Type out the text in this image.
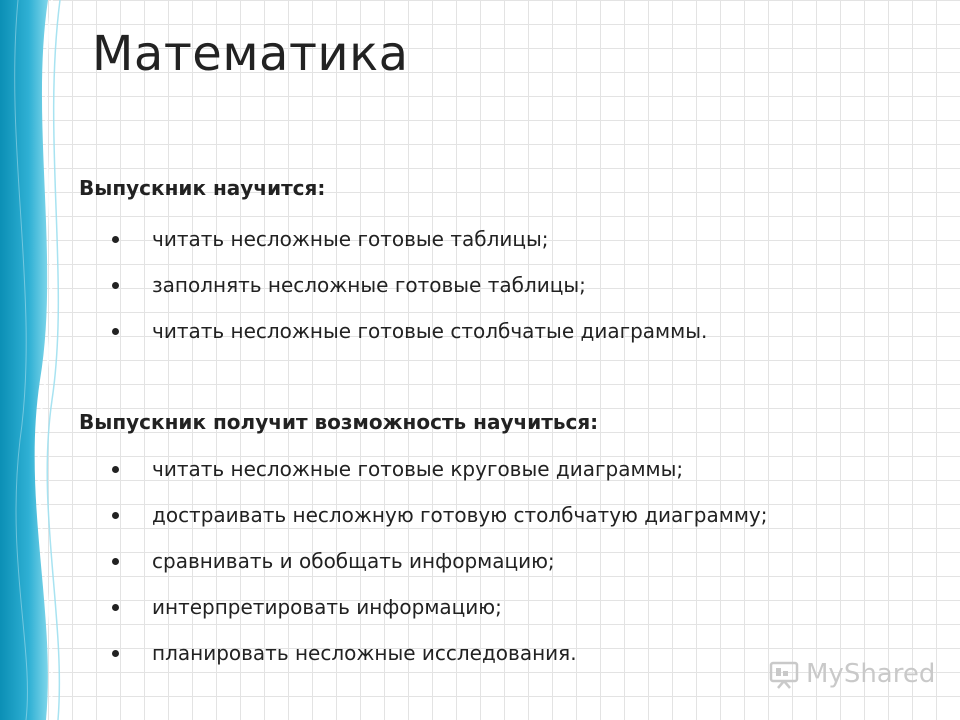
Математика
Выпускник научится:
читать несложные готовые таблицы;
заполнять несложные готовые таблицы;
читать несложные готовые столбчатые диаграммы.
Выпускник получит возможность научиться:
читать несложные готовые круговые диаграммы;
достраивать несложную готовую столбчатую диаграмму;
сравнивать и обобщать информацию;
интерпретировать информацию;
планировать несложные исследования.
MyShared
